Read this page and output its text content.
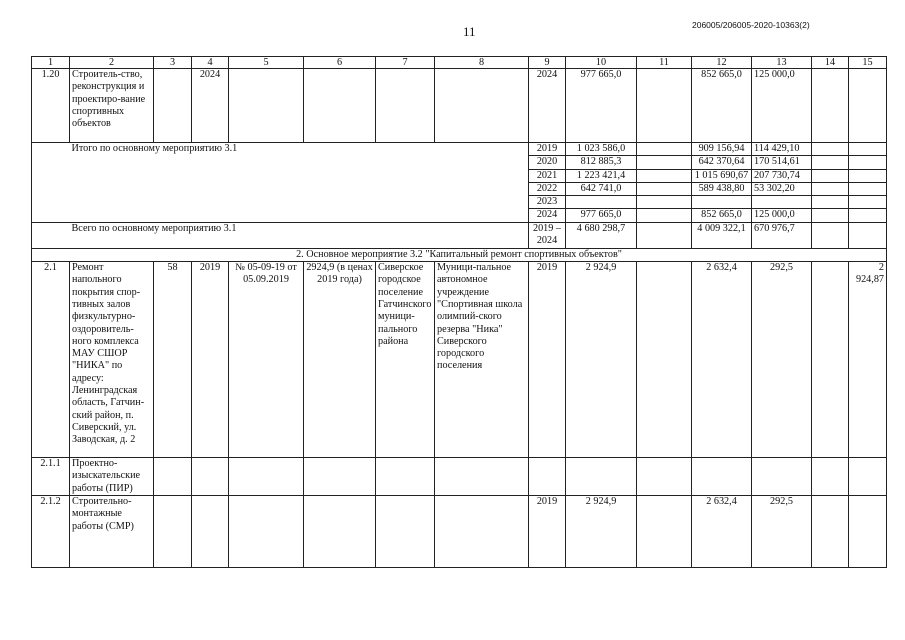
11	206005/206005-2020-10363(2)
1	2	3	4	5	6	7	8	9	10	11	12	13	14	15
1.20	Строитель-ство, реконструкция и проектиро-вание спортивных объектов		2024					2024	977 665,0		852 665,0	125 000,0		
	Итого по основному мероприятию 3.1							2019	1 023 586,0		909 156,94	114 429,10		
								2020	812 885,3		642 370,64	170 514,61		
								2021	1 223 421,4		1 015 690,67	207 730,74		
								2022	642 741,0		589 438,80	53 302,20		
								2023						
								2024	977 665,0		852 665,0	125 000,0		
	Всего по основному мероприятию 3.1							2019 – 2024	4 680 298,7		4 009 322,1	670 976,7		
2. Основное мероприятие 3.2 "Капитальный ремонт спортивных объектов"														
2.1	Ремонт напольного покрытия спор-тивных залов физкультурно-оздоровитель-ного комплекса МАУ СШОР "НИКА" по адресу: Ленинградская область, Гатчин-ский район, п. Сиверский, ул. Заводская, д. 2	58	2019	№ 05-09-19 от 05.09.2019	2924,9 (в ценах 2019 года)	Сиверское городское поселение Гатчинского муници-пального района	Муници-пальное автономное учреждение "Спортивная школа олимпий-ского резерва "Ника" Сиверского городского поселения	2019	2 924,9		2 632,4	292,5		2 924,87
2.1.1	Проектно-изыскательские работы (ПИР)													
2.1.2	Строительно-монтажные работы (СМР)							2019	2 924,9		2 632,4	292,5		
